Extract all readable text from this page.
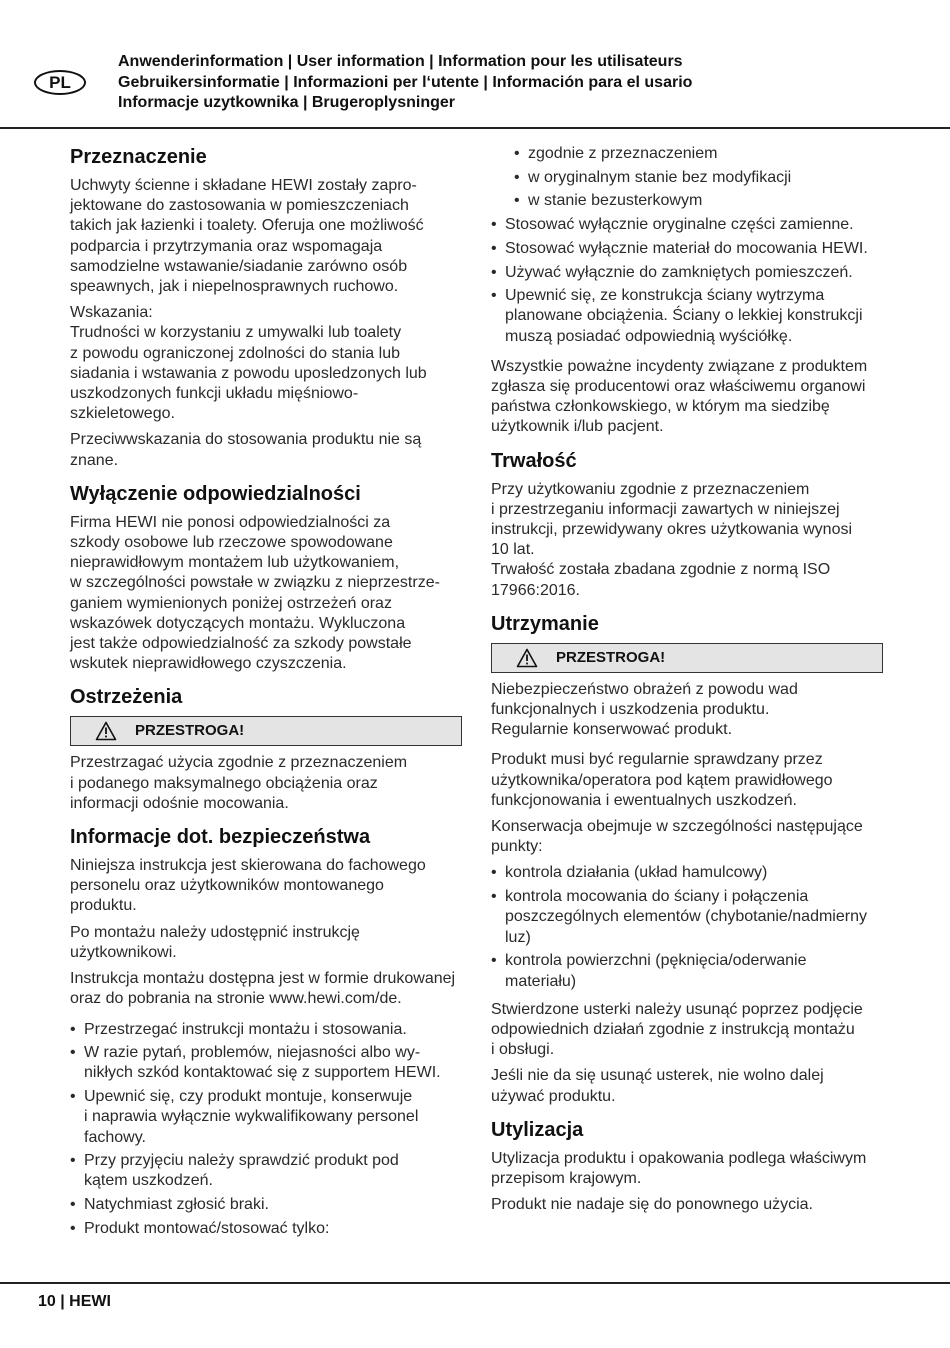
PL
Anwenderinformation | User information | Information pour les utilisateurs
Gebruikersinformatie | Informazioni per l‘utente | Información para el usario
Informacje uzytkownika | Brugeroplysninger
Przeznaczenie

Uchwyty ścienne i składane HEWI zostały zapro-
jektowane do zastosowania w pomieszczeniach
takich jak łazienki i toalety. Oferuja one możliwość
podparcia i przytrzymania oraz wspomagaja
samodzielne wstawanie/siadanie zarówno osób
speawnych, jak i niepelnosprawnych ruchowo.

Wskazania:
Trudności w korzystaniu z umywalki lub toalety
z powodu ograniczonej zdolności do stania lub
siadania i wstawania z powodu uposledzonych lub
uszkodzonych funkcji układu mięśniowo-
szkieletowego.

Przeciwwskazania do stosowania produktu nie są
znane.

Wyłączenie odpowiedzialności

Firma HEWI nie ponosi odpowiedzialności za
szkody osobowe lub rzeczowe spowodowane
nieprawidłowym montażem lub użytkowaniem,
w szczególności powstałe w związku z nieprzestrze-
ganiem wymienionych poniżej ostrzeżeń oraz
wskazówek dotyczących montażu. Wykluczona
jest także odpowiedzialność za szkody powstałe
wskutek nieprawidłowego czyszczenia.

Ostrzeżenia
PRZESTROGA!

Przestrzagać użycia zgodnie z przeznaczeniem
i podanego maksymalnego obciążenia oraz
informacji odośnie mocowania.

Informacje dot. bezpieczeństwa

Niniejsza instrukcja jest skierowana do fachowego
personelu oraz użytkowników montowanego
produktu.

Po montażu należy udostępnić instrukcję
użytkownikowi.

Instrukcja montażu dostępna jest w formie drukowanej
oraz do pobrania na stronie www.hewi.com/de.

• Przestrzegać instrukcji montażu i stosowania.
• W razie pytań, problemów, niejasności albo wy-
nikłych szkód kontaktować się z supportem HEWI.
• Upewnić się, czy produkt montuje, konserwuje
i naprawia wyłącznie wykwalifikowany personel
fachowy.
• Przy przyjęciu należy sprawdzić produkt pod
kątem uszkodzeń.
• Natychmiast zgłosić braki.
• Produkt montować/stosować tylko:
• zgodnie z przeznaczeniem
• w oryginalnym stanie bez modyfikacji
• w stanie bezusterkowym
• Stosować wyłącznie oryginalne części zamienne.
• Stosować wyłącznie materiał do mocowania HEWI.
• Używać wyłącznie do zamkniętych pomieszczeń.
• Upewnić się, ze konstrukcja ściany wytrzyma
planowane obciążenia. Ściany o lekkiej konstrukcji
muszą posiadać odpowiednią wyściółkę.

Wszystkie poważne incydenty związane z produktem
zgłasza się producentowi oraz właściwemu organowi
państwa członkowskiego, w którym ma siedzibę
użytkownik i/lub pacjent.

Trwałość

Przy użytkowaniu zgodnie z przeznaczeniem
i przestrzeganiu informacji zawartych w niniejszej
instrukcji, przewidywany okres użytkowania wynosi
10 lat.
Trwałość została zbadana zgodnie z normą ISO
17966:2016.

Utrzymanie
PRZESTROGA!

Niebezpieczeństwo obrażeń z powodu wad
funkcjonalnych i uszkodzenia produktu.
Regularnie konserwować produkt.

Produkt musi być regularnie sprawdzany przez
użytkownika/operatora pod kątem prawidłowego
funkcjonowania i ewentualnych uszkodzeń.

Konserwacja obejmuje w szczególności następujące
punkty:

• kontrola działania (układ hamulcowy)
• kontrola mocowania do ściany i połączenia
poszczególnych elementów (chybotanie/nadmierny
luz)
• kontrola powierzchni (pęknięcia/oderwanie
materiału)

Stwierdzone usterki należy usunąć poprzez podjęcie
odpowiednich działań zgodnie z instrukcją montażu
i obsługi.

Jeśli nie da się usunąć usterek, nie wolno dalej
używać produktu.

Utylizacja

Utylizacja produktu i opakowania podlega właściwym
przepisom krajowym.

Produkt nie nadaje się do ponownego użycia.

10 | HEWI
